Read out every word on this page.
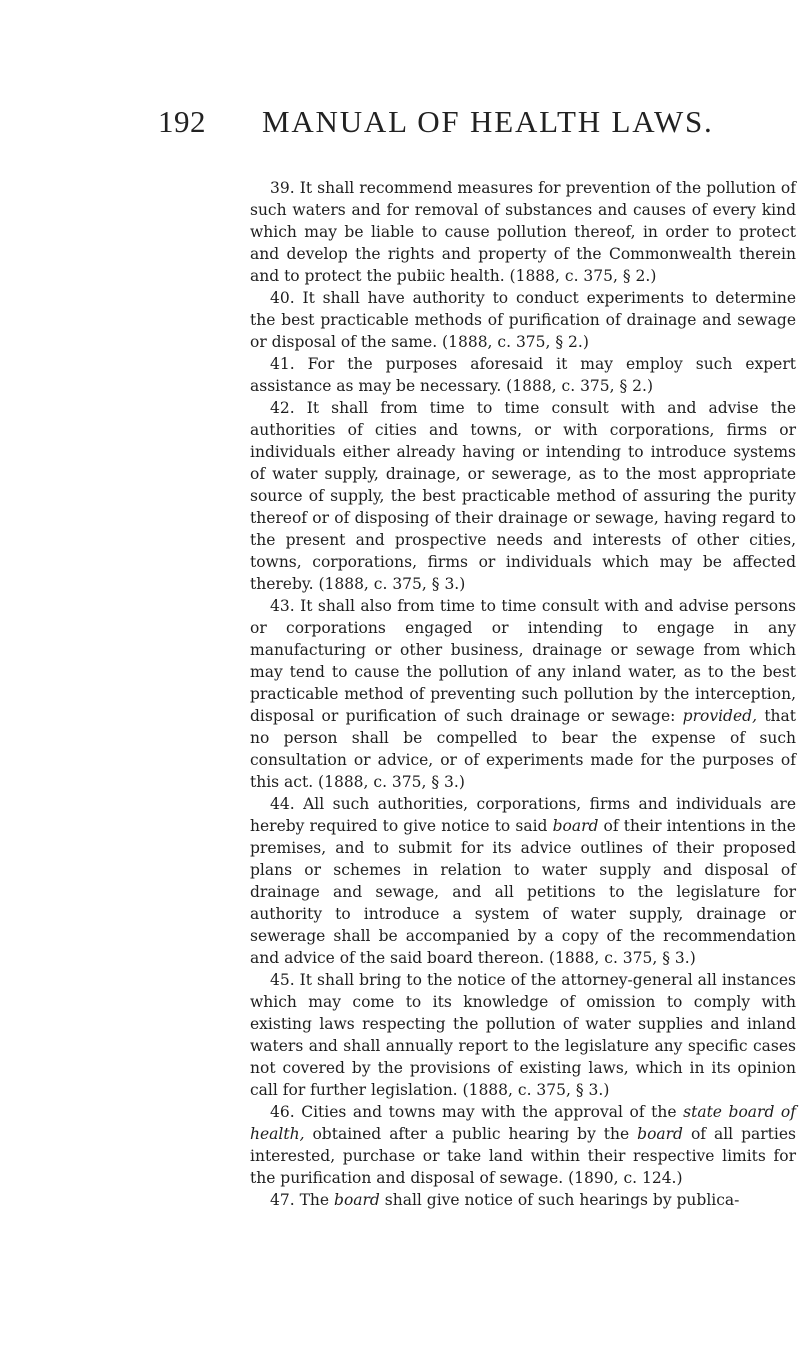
192 MANUAL OF HEALTH LAWS.

39. It shall recommend measures for prevention of the pollution of such waters and for removal of substances and causes of every kind which may be liable to cause pollution thereof, in order to protect and develop the rights and property of the Commonwealth therein and to protect the pubiic health. (1888, c. 375, § 2.)

40. It shall have authority to conduct experiments to determine the best practicable methods of purification of drainage and sewage or disposal of the same. (1888, c. 375, § 2.)

41. For the purposes aforesaid it may employ such expert assistance as may be necessary. (1888, c. 375, § 2.)

42. It shall from time to time consult with and advise the authorities of cities and towns, or with corporations, firms or individuals either already having or intending to introduce systems of water supply, drainage, or sewerage, as to the most appropriate source of supply, the best practicable method of assuring the purity thereof or of disposing of their drainage or sewage, having regard to the present and prospective needs and interests of other cities, towns, corporations, firms or individuals which may be affected thereby. (1888, c. 375, § 3.)

43. It shall also from time to time consult with and advise persons or corporations engaged or intending to engage in any manufacturing or other business, drainage or sewage from which may tend to cause the pollution of any inland water, as to the best practicable method of preventing such pollution by the interception, disposal or purification of such drainage or sewage: provided, that no person shall be compelled to bear the expense of such consultation or advice, or of experiments made for the purposes of this act. (1888, c. 375, § 3.)

44. All such authorities, corporations, firms and individuals are hereby required to give notice to said board of their intentions in the premises, and to submit for its advice outlines of their proposed plans or schemes in relation to water supply and disposal of drainage and sewage, and all petitions to the legislature for authority to introduce a system of water supply, drainage or sewerage shall be accompanied by a copy of the recommendation and advice of the said board thereon. (1888, c. 375, § 3.)

45. It shall bring to the notice of the attorney-general all instances which may come to its knowledge of omission to comply with existing laws respecting the pollution of water supplies and inland waters and shall annually report to the legislature any specific cases not covered by the provisions of existing laws, which in its opinion call for further legislation. (1888, c. 375, § 3.)

46. Cities and towns may with the approval of the state board of health, obtained after a public hearing by the board of all parties interested, purchase or take land within their respective limits for the purification and disposal of sewage. (1890, c. 124.)

47. The board shall give notice of such hearings by publica-
